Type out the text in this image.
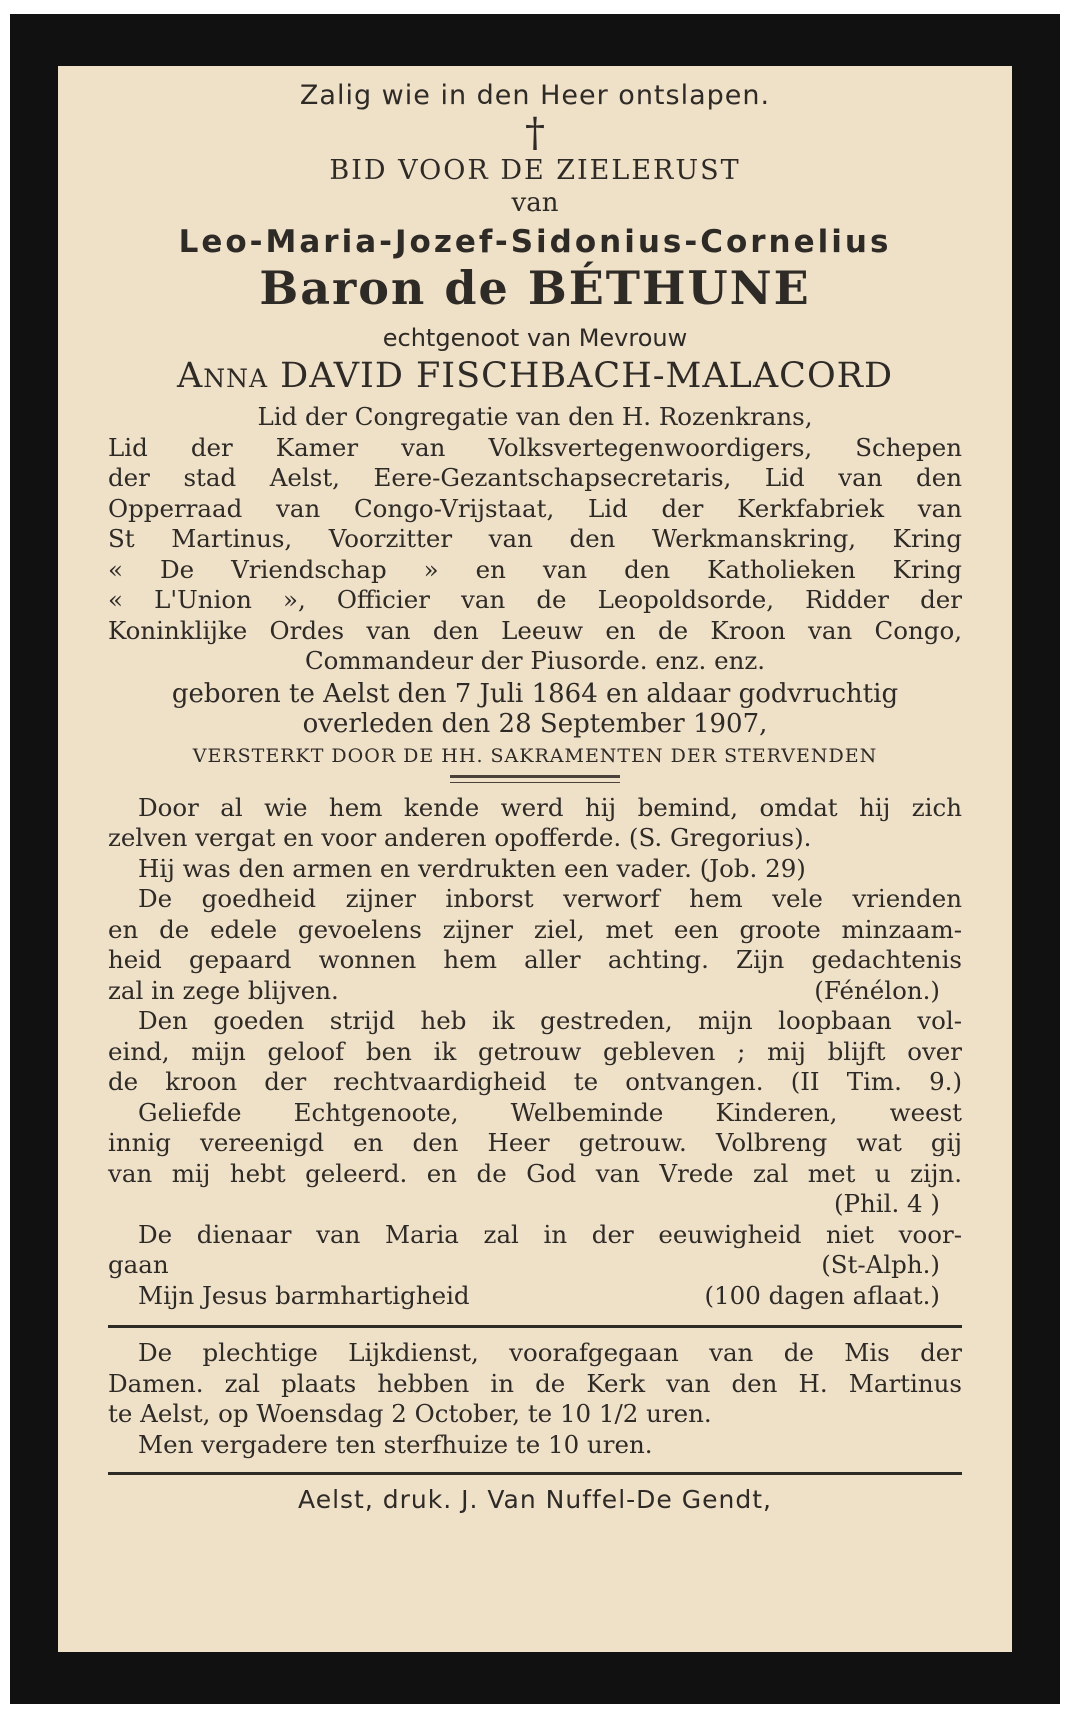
Zalig wie in den Heer ontslapen.
†
BID VOOR DE ZIELERUST
van
Leo-Maria-Jozef-Sidonius-Cornelius
Baron de BÉTHUNE
echtgenoot van Mevrouw
Anna DAVID FISCHBACH-MALACORD
Lid der Congregatie van den H. Rozenkrans,
Lid der Kamer van Volksvertegenwoordigers, Schepen
der stad Aelst, Eere-Gezantschapsecretaris, Lid van den
Opperraad van Congo-Vrijstaat, Lid der Kerkfabriek van
St Martinus, Voorzitter van den Werkmanskring, Kring
« De Vriendschap » en van den Katholieken Kring
« L'Union », Officier van de Leopoldsorde, Ridder der
Koninklijke Ordes van den Leeuw en de Kroon van Congo,
Commandeur der Piusorde. enz. enz.
geboren te Aelst den 7 Juli 1864 en aldaar godvruchtig
overleden den 28 September 1907,
VERSTERKT DOOR DE HH. SAKRAMENTEN DER STERVENDEN
Door al wie hem kende werd hij bemind, omdat hij zich
zelven vergat en voor anderen opofferde. (S. Gregorius).
Hij was den armen en verdrukten een vader. (Job. 29)
De goedheid zijner inborst verworf hem vele vrienden
en de edele gevoelens zijner ziel, met een groote minzaam-
heid gepaard wonnen hem aller achting. Zijn gedachtenis
zal in zege blijven.	(Fénélon.)
Den goeden strijd heb ik gestreden, mijn loopbaan vol-
eind, mijn geloof ben ik getrouw gebleven ; mij blijft over
de kroon der rechtvaardigheid te ontvangen. (II Tim. 9.)
Geliefde Echtgenoote, Welbeminde Kinderen, weest
innig vereenigd en den Heer getrouw. Volbreng wat gij
van mij hebt geleerd. en de God van Vrede zal met u zijn.
(Phil. 4 )
De dienaar van Maria zal in der eeuwigheid niet voor-
gaan	(St-Alph.)
Mijn Jesus barmhartigheid	(100 dagen aflaat.)
De plechtige Lijkdienst, voorafgegaan van de Mis der
Damen. zal plaats hebben in de Kerk van den H. Martinus
te Aelst, op Woensdag 2 October, te 10 1/2 uren.
Men vergadere ten sterfhuize te 10 uren.
Aelst, druk. J. Van Nuffel-De Gendt,
